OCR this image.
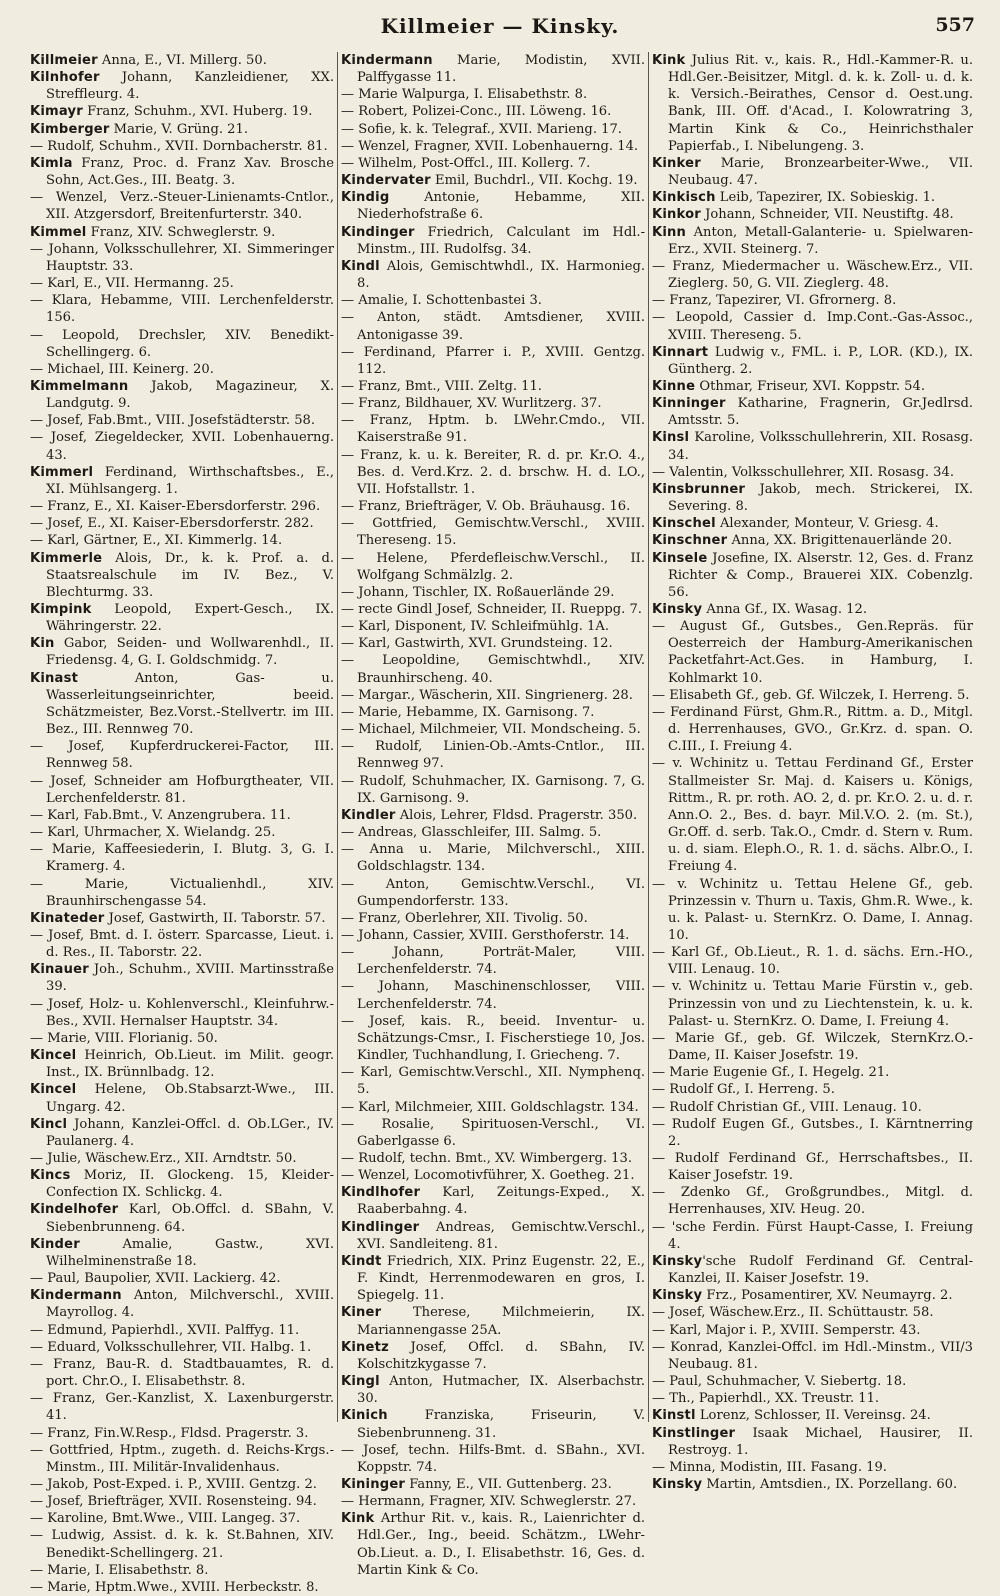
Killmeier — Kinsky.	557

Killmeier Anna, E., VI. Millerg. 50.

Kilnhofer Johann, Kanzleidiener, XX. Streffleurg. 4.

Kimayr Franz, Schuhm., XVI. Huberg. 19.

Kimberger Marie, V. Grüng. 21.

— Rudolf, Schuhm., XVII. Dornbacherstr. 81.

Kimla Franz, Proc. d. Franz Xav. Brosche Sohn, Act.Ges., III. Beatg. 3.

— Wenzel, Verz.-Steuer-Linienamts-Cntlor., XII. Atzgersdorf, Breitenfurterstr. 340.

Kimmel Franz, XIV. Schweglerstr. 9.

— Johann, Volksschullehrer, XI. Simmeringer Hauptstr. 33.

— Karl, E., VII. Hermanng. 25.

— Klara, Hebamme, VIII. Lerchenfelderstr. 156.

— Leopold, Drechsler, XIV. Benedikt-Schellingerg. 6.

— Michael, III. Keinerg. 20.

Kimmelmann Jakob, Magazineur, X. Landgutg. 9.

— Josef, Fab.Bmt., VIII. Josefstädterstr. 58.

— Josef, Ziegeldecker, XVII. Lobenhauerng. 43.

Kimmerl Ferdinand, Wirthschaftsbes., E., XI. Mühlsangerg. 1.

— Franz, E., XI. Kaiser-Ebersdorferstr. 296.

— Josef, E., XI. Kaiser-Ebersdorferstr. 282.

— Karl, Gärtner, E., XI. Kimmerlg. 14.

Kimmerle Alois, Dr., k. k. Prof. a. d. Staatsrealschule im IV. Bez., V. Blechturmg. 33.

Kimpink Leopold, Expert-Gesch., IX. Währingerstr. 22.

Kin Gabor, Seiden- und Wollwarenhdl., II. Friedensg. 4, G. I. Goldschmidg. 7.

Kinast Anton, Gas- u. Wasserleitungseinrichter, beeid. Schätzmeister, Bez.Vorst.-Stellvertr. im III. Bez., III. Rennweg 70.

— Josef, Kupferdruckerei-Factor, III. Rennweg 58.

— Josef, Schneider am Hofburgtheater, VII. Lerchenfelderstr. 81.

— Karl, Fab.Bmt., V. Anzengrubera. 11.

— Karl, Uhrmacher, X. Wielandg. 25.

— Marie, Kaffeesiederin, I. Blutg. 3, G. I. Kramerg. 4.

— Marie, Victualienhdl., XIV. Braunhirschengasse 54.

Kinateder Josef, Gastwirth, II. Taborstr. 57.

— Josef, Bmt. d. I. österr. Sparcasse, Lieut. i. d. Res., II. Taborstr. 22.

Kinauer Joh., Schuhm., XVIII. Martinsstraße 39.

— Josef, Holz- u. Kohlenverschl., Kleinfuhrw.-Bes., XVII. Hernalser Hauptstr. 34.

— Marie, VIII. Florianig. 50.

Kincel Heinrich, Ob.Lieut. im Milit. geogr. Inst., IX. Brünnlbadg. 12.

Kincel Helene, Ob.Stabsarzt-Wwe., III. Ungarg. 42.

Kincl Johann, Kanzlei-Offcl. d. Ob.LGer., IV. Paulanerg. 4.

— Julie, Wäschew.Erz., XII. Arndtstr. 50.

Kincs Moriz, II. Glockeng. 15, Kleider-Confection IX. Schlickg. 4.

Kindelhofer Karl, Ob.Offcl. d. SBahn, V. Siebenbrunneng. 64.

Kinder Amalie, Gastw., XVI. Wilhelminenstraße 18.

— Paul, Baupolier, XVII. Lackierg. 42.

Kindermann Anton, Milchverschl., XVIII. Mayrollog. 4.

— Edmund, Papierhdl., XVII. Palffyg. 11.

— Eduard, Volksschullehrer, VII. Halbg. 1.

— Franz, Bau-R. d. Stadtbauamtes, R. d. port. Chr.O., I. Elisabethstr. 8.

— Franz, Ger.-Kanzlist, X. Laxenburgerstr. 41.

— Franz, Fin.W.Resp., Fldsd. Pragerstr. 3.

— Gottfried, Hptm., zugeth. d. Reichs-Krgs.-Minstm., III. Militär-Invalidenhaus.

— Jakob, Post-Exped. i. P., XVIII. Gentzg. 2.

— Josef, Briefträger, XVII. Rosensteing. 94.

— Karoline, Bmt.Wwe., VIII. Langeg. 37.

— Ludwig, Assist. d. k. k. St.Bahnen, XIV. Benedikt-Schellingerg. 21.

— Marie, I. Elisabethstr. 8.

— Marie, Hptm.Wwe., XVIII. Herbeckstr. 8.

Kindermann Marie, Modistin, XVII. Palffygasse 11.

— Marie Walpurga, I. Elisabethstr. 8.

— Robert, Polizei-Conc., III. Löweng. 16.

— Sofie, k. k. Telegraf., XVII. Marieng. 17.

— Wenzel, Fragner, XVII. Lobenhauerng. 14.

— Wilhelm, Post-Offcl., III. Kollerg. 7.

Kindervater Emil, Buchdrl., VII. Kochg. 19.

Kindig Antonie, Hebamme, XII. Niederhofstraße 6.

Kindinger Friedrich, Calculant im Hdl.-Minstm., III. Rudolfsg. 34.

Kindl Alois, Gemischtwhdl., IX. Harmonieg. 8.

— Amalie, I. Schottenbastei 3.

— Anton, städt. Amtsdiener, XVIII. Antonigasse 39.

— Ferdinand, Pfarrer i. P., XVIII. Gentzg. 112.

— Franz, Bmt., VIII. Zeltg. 11.

— Franz, Bildhauer, XV. Wurlitzerg. 37.

— Franz, Hptm. b. LWehr.Cmdo., VII. Kaiserstraße 91.

— Franz, k. u. k. Bereiter, R. d. pr. Kr.O. 4., Bes. d. Verd.Krz. 2. d. brschw. H. d. LO., VII. Hofstallstr. 1.

— Franz, Briefträger, V. Ob. Bräuhausg. 16.

— Gottfried, Gemischtw.Verschl., XVIII. Thereseng. 15.

— Helene, Pferdefleischw.Verschl., II. Wolfgang Schmälzlg. 2.

— Johann, Tischler, IX. Roßauerlände 29.

— recte Gindl Josef, Schneider, II. Rueppg. 7.

— Karl, Disponent, IV. Schleifmühlg. 1A.

— Karl, Gastwirth, XVI. Grundsteing. 12.

— Leopoldine, Gemischtwhdl., XIV. Braunhirscheng. 40.

— Margar., Wäscherin, XII. Singrienerg. 28.

— Marie, Hebamme, IX. Garnisong. 7.

— Michael, Milchmeier, VII. Mondscheing. 5.

— Rudolf, Linien-Ob.-Amts-Cntlor., III. Rennweg 97.

— Rudolf, Schuhmacher, IX. Garnisong. 7, G. IX. Garnisong. 9.

Kindler Alois, Lehrer, Fldsd. Pragerstr. 350.

— Andreas, Glasschleifer, III. Salmg. 5.

— Anna u. Marie, Milchverschl., XIII. Goldschlagstr. 134.

— Anton, Gemischtw.Verschl., VI. Gumpendorferstr. 133.

— Franz, Oberlehrer, XII. Tivolig. 50.

— Johann, Cassier, XVIII. Gersthoferstr. 14.

— Johann, Porträt-Maler, VIII. Lerchenfelderstr. 74.

— Johann, Maschinenschlosser, VIII. Lerchenfelderstr. 74.

— Josef, kais. R., beeid. Inventur- u. Schätzungs-Cmsr., I. Fischerstiege 10, Jos. Kindler, Tuchhandlung, I. Griecheng. 7.

— Karl, Gemischtw.Verschl., XII. Nymphenq. 5.

— Karl, Milchmeier, XIII. Goldschlagstr. 134.

— Rosalie, Spirituosen-Verschl., VI. Gaberlgasse 6.

— Rudolf, techn. Bmt., XV. Wimbergerg. 13.

— Wenzel, Locomotivführer, X. Goetheg. 21.

Kindlhofer Karl, Zeitungs-Exped., X. Raaberbahng. 4.

Kindlinger Andreas, Gemischtw.Verschl., XVI. Sandleiteng. 81.

Kindt Friedrich, XIX. Prinz Eugenstr. 22, E., F. Kindt, Herrenmodewaren en gros, I. Spiegelg. 11.

Kiner Therese, Milchmeierin, IX. Mariannengasse 25A.

Kinetz Josef, Offcl. d. SBahn, IV. Kolschitzkygasse 7.

Kingl Anton, Hutmacher, IX. Alserbachstr. 30.

Kinich Franziska, Friseurin, V. Siebenbrunneng. 31.

— Josef, techn. Hilfs-Bmt. d. SBahn., XVI. Koppstr. 74.

Kininger Fanny, E., VII. Guttenberg. 23.

— Hermann, Fragner, XIV. Schweglerstr. 27.

Kink Arthur Rit. v., kais. R., Laienrichter d. Hdl.Ger., Ing., beeid. Schätzm., LWehr-Ob.Lieut. a. D., I. Elisabethstr. 16, Ges. d. Martin Kink & Co.

Kink Julius Rit. v., kais. R., Hdl.-Kammer-R. u. Hdl.Ger.-Beisitzer, Mitgl. d. k. k. Zoll- u. d. k. k. Versich.-Beirathes, Censor d. Oest.ung. Bank, III. Off. d'Acad., I. Kolowratring 3, Martin Kink & Co., Heinrichsthaler Papierfab., I. Nibelungeng. 3.

Kinker Marie, Bronzearbeiter-Wwe., VII. Neubaug. 47.

Kinkisch Leib, Tapezirer, IX. Sobieskig. 1.

Kinkor Johann, Schneider, VII. Neustiftg. 48.

Kinn Anton, Metall-Galanterie- u. Spielwaren-Erz., XVII. Steinerg. 7.

— Franz, Miedermacher u. Wäschew.Erz., VII. Zieglerg. 50, G. VII. Zieglerg. 48.

— Franz, Tapezirer, VI. Gfrornerg. 8.

— Leopold, Cassier d. Imp.Cont.-Gas-Assoc., XVIII. Thereseng. 5.

Kinnart Ludwig v., FML. i. P., LOR. (KD.), IX. Güntherg. 2.

Kinne Othmar, Friseur, XVI. Koppstr. 54.

Kinninger Katharine, Fragnerin, Gr.Jedlrsd. Amtsstr. 5.

Kinsl Karoline, Volksschullehrerin, XII. Rosasg. 34.

— Valentin, Volksschullehrer, XII. Rosasg. 34.

Kinsbrunner Jakob, mech. Strickerei, IX. Severing. 8.

Kinschel Alexander, Monteur, V. Griesg. 4.

Kinschner Anna, XX. Brigittenauerlände 20.

Kinsele Josefine, IX. Alserstr. 12, Ges. d. Franz Richter & Comp., Brauerei XIX. Cobenzlg. 56.

Kinsky Anna Gf., IX. Wasag. 12.

— August Gf., Gutsbes., Gen.Repräs. für Oesterreich der Hamburg-Amerikanischen Packetfahrt-Act.Ges. in Hamburg, I. Kohlmarkt 10.

— Elisabeth Gf., geb. Gf. Wilczek, I. Herreng. 5.

— Ferdinand Fürst, Ghm.R., Rittm. a. D., Mitgl. d. Herrenhauses, GVO., Gr.Krz. d. span. O. C.III., I. Freiung 4.

— v. Wchinitz u. Tettau Ferdinand Gf., Erster Stallmeister Sr. Maj. d. Kaisers u. Königs, Rittm., R. pr. roth. AO. 2, d. pr. Kr.O. 2. u. d. r. Ann.O. 2., Bes. d. bayr. Mil.V.O. 2. (m. St.), Gr.Off. d. serb. Tak.O., Cmdr. d. Stern v. Rum. u. d. siam. Eleph.O., R. 1. d. sächs. Albr.O., I. Freiung 4.

— v. Wchinitz u. Tettau Helene Gf., geb. Prinzessin v. Thurn u. Taxis, Ghm.R. Wwe., k. u. k. Palast- u. SternKrz. O. Dame, I. Annag. 10.

— Karl Gf., Ob.Lieut., R. 1. d. sächs. Ern.-HO., VIII. Lenaug. 10.

— v. Wchinitz u. Tettau Marie Fürstin v., geb. Prinzessin von und zu Liechtenstein, k. u. k. Palast- u. SternKrz. O. Dame, I. Freiung 4.

— Marie Gf., geb. Gf. Wilczek, SternKrz.O.-Dame, II. Kaiser Josefstr. 19.

— Marie Eugenie Gf., I. Hegelg. 21.

— Rudolf Gf., I. Herreng. 5.

— Rudolf Christian Gf., VIII. Lenaug. 10.

— Rudolf Eugen Gf., Gutsbes., I. Kärntnerring 2.

— Rudolf Ferdinand Gf., Herrschaftsbes., II. Kaiser Josefstr. 19.

— Zdenko Gf., Großgrundbes., Mitgl. d. Herrenhauses, XIV. Heug. 20.

— 'sche Ferdin. Fürst Haupt-Casse, I. Freiung 4.

Kinsky'sche Rudolf Ferdinand Gf. Central-Kanzlei, II. Kaiser Josefstr. 19.

Kinsky Frz., Posamentirer, XV. Neumayrg. 2.

— Josef, Wäschew.Erz., II. Schüttaustr. 58.

— Karl, Major i. P., XVIII. Semperstr. 43.

— Konrad, Kanzlei-Offcl. im Hdl.-Minstm., VII/3 Neubaug. 81.

— Paul, Schuhmacher, V. Siebertg. 18.

— Th., Papierhdl., XX. Treustr. 11.

Kinstl Lorenz, Schlosser, II. Vereinsg. 24.

Kinstlinger Isaak Michael, Hausirer, II. Restroyg. 1.

— Minna, Modistin, III. Fasang. 19.

Kinsky Martin, Amtsdien., IX. Porzellang. 60.
